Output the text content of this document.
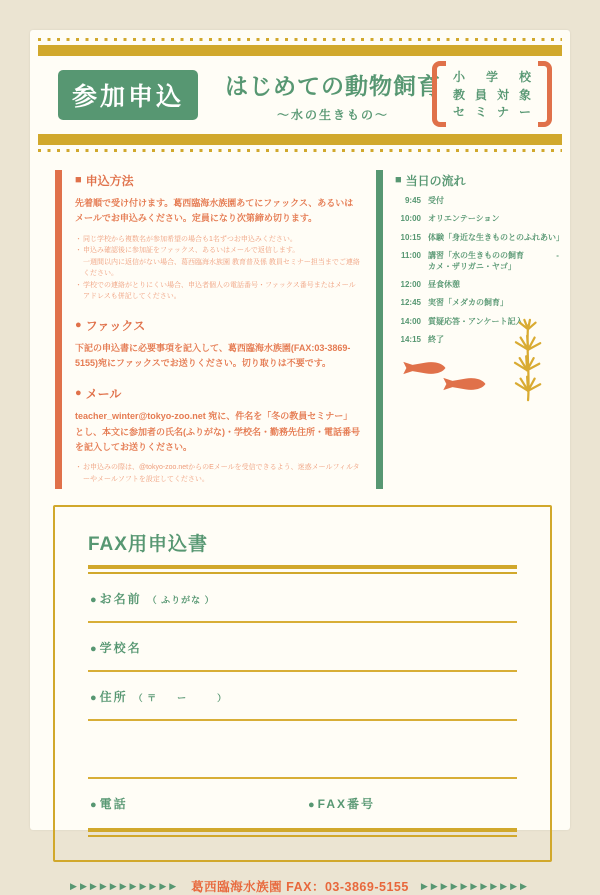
参加申込	はじめての動物飼育
～水の生きもの～
小学校
教員対象
セミナー
■ 申込方法

先着順で受け付けます。葛西臨海水族園あてにファックス、あるいはメールでお申込みください。定員になり次第締め切ります。

・ 同じ学校から複数名が参加希望の場合も1名ずつお申込みください。
・ 申込み確認後に参加証をファックス、あるいはメールで返信します。
一週間以内に返信がない場合、葛西臨海水族園 教育普及係 教員セミナー担当までご連絡ください。
・ 学校での連絡がとりにくい場合、申込者個人の電話番号・ファックス番号またはメールアドレスも併記してください。
● ファックス

下記の申込書に必要事項を記入して、葛西臨海水族園(FAX:03-3869-5155)宛にファックスでお送りください。切り取りは不要です。

● メール

teacher_winter@tokyo-zoo.net 宛に、件名を「冬の教員セミナー」とし、本文に参加者の氏名(ふりがな)・学校名・勤務先住所・電話番号を記入してお送りください。

・ お申込みの際は、@tokyo-zoo.netからのEメールを受信できるよう、迷惑メールフィルターやメールソフトを設定してください。
■ 当日の流れ
9:45 受付
10:00 オリエンテーション
10:15 体験「身近な生きものとのふれあい」
11:00 講習「水の生きものの飼育	-カメ・ザリガニ・ヤゴ」
12:00 昼食休憩
12:45 実習「メダカの飼育」
14:00 質疑応答・アンケート記入
14:15 終了
FAX用申込書
● お名前 （ ふりがな ）
● 学校名
● 住所 （ 〒　　ー　　　）
● 電話	● FAX番号
▶▶▶▶▶▶▶▶▶▶▶ 葛西臨海水族園 FAX：03-3869-5155 ▶▶▶▶▶▶▶▶▶▶▶
